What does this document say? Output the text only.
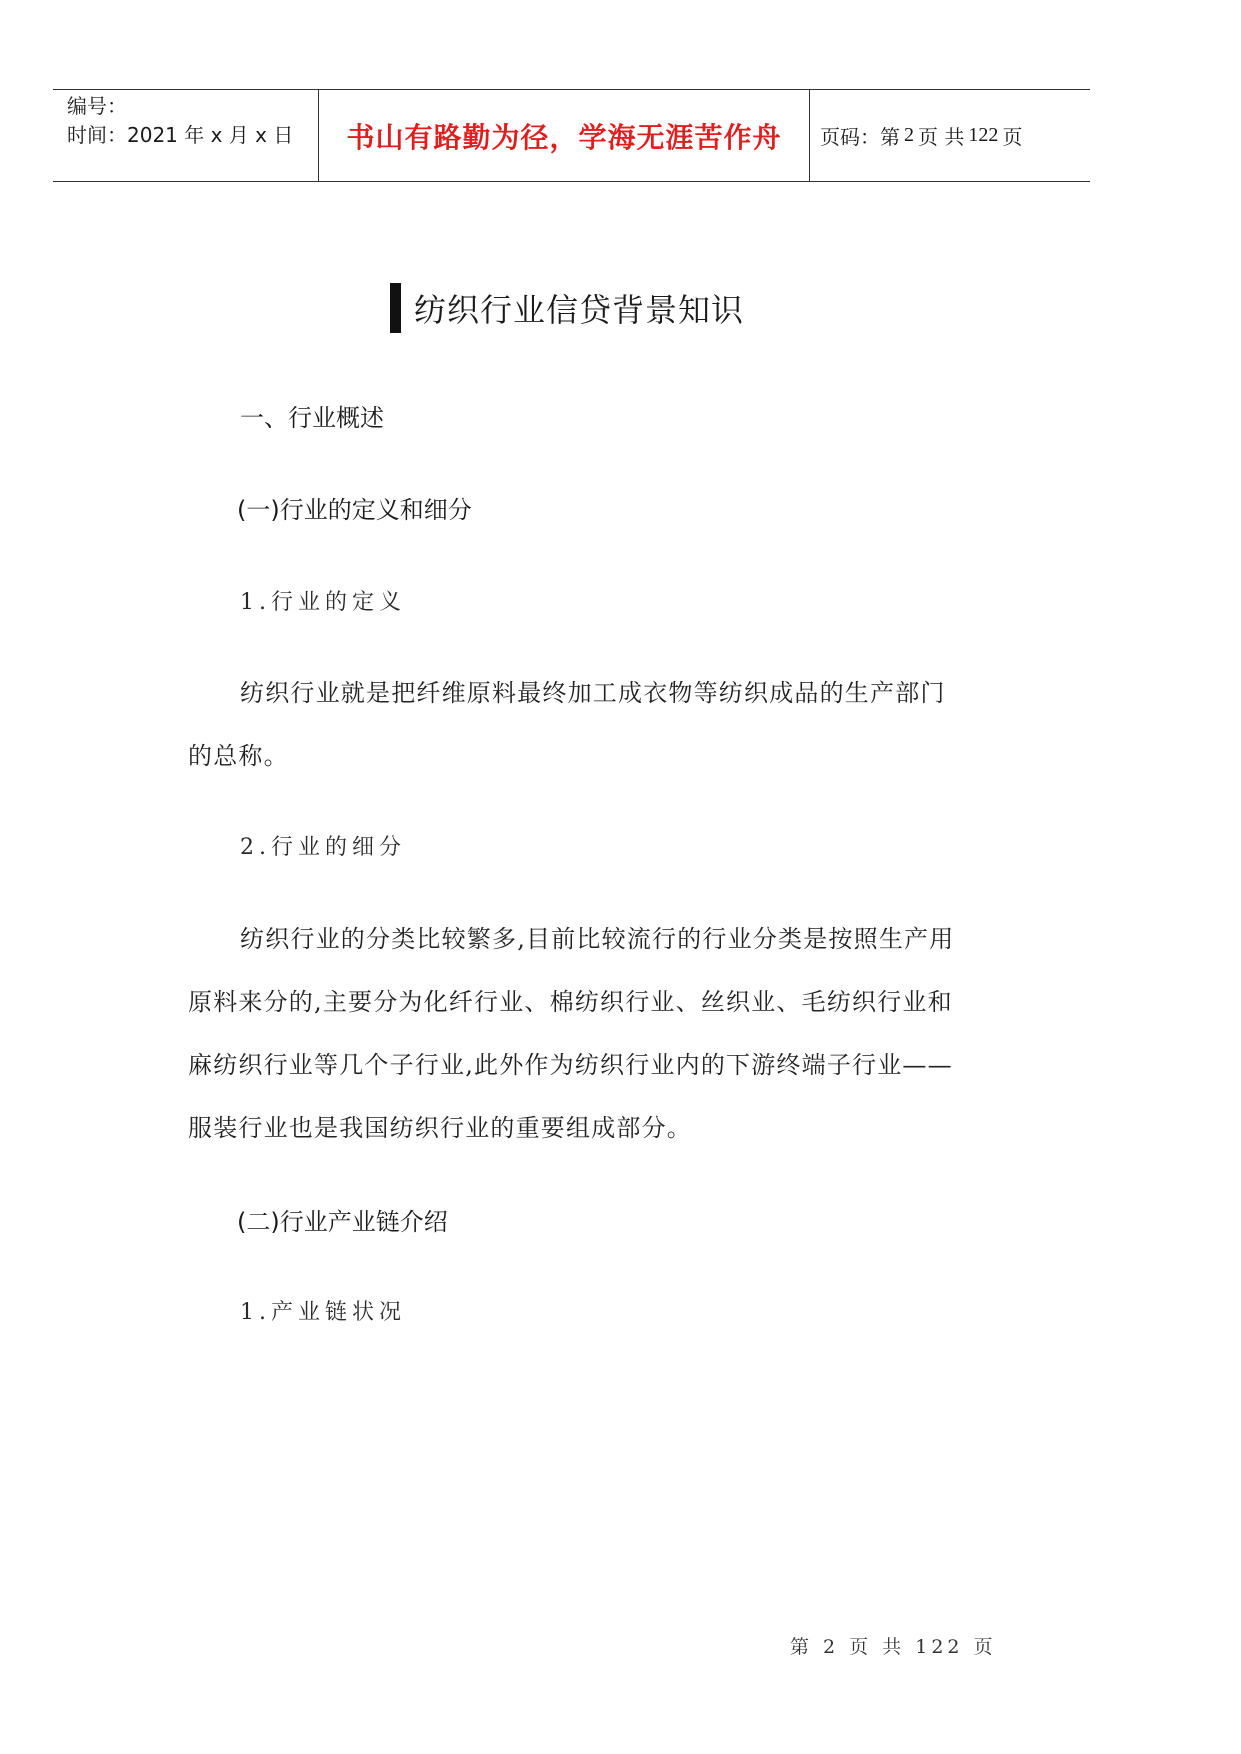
编号：
时间：2021 年 x 月 x 日	书山有路勤为径，学海无涯苦作舟	页码：第 2 页 共 122 页
纺织行业信贷背景知识
一、行业概述
(一)行业的定义和细分
1.行业的定义
纺织行业就是把纤维原料最终加工成衣物等纺织成品的生产部门的总称。
2.行业的细分
纺织行业的分类比较繁多,目前比较流行的行业分类是按照生产用原料来分的,主要分为化纤行业、棉纺织行业、丝织业、毛纺织行业和麻纺织行业等几个子行业,此外作为纺织行业内的下游终端子行业——服装行业也是我国纺织行业的重要组成部分。
(二)行业产业链介绍
1.产业链状况
第 2 页 共 122 页
